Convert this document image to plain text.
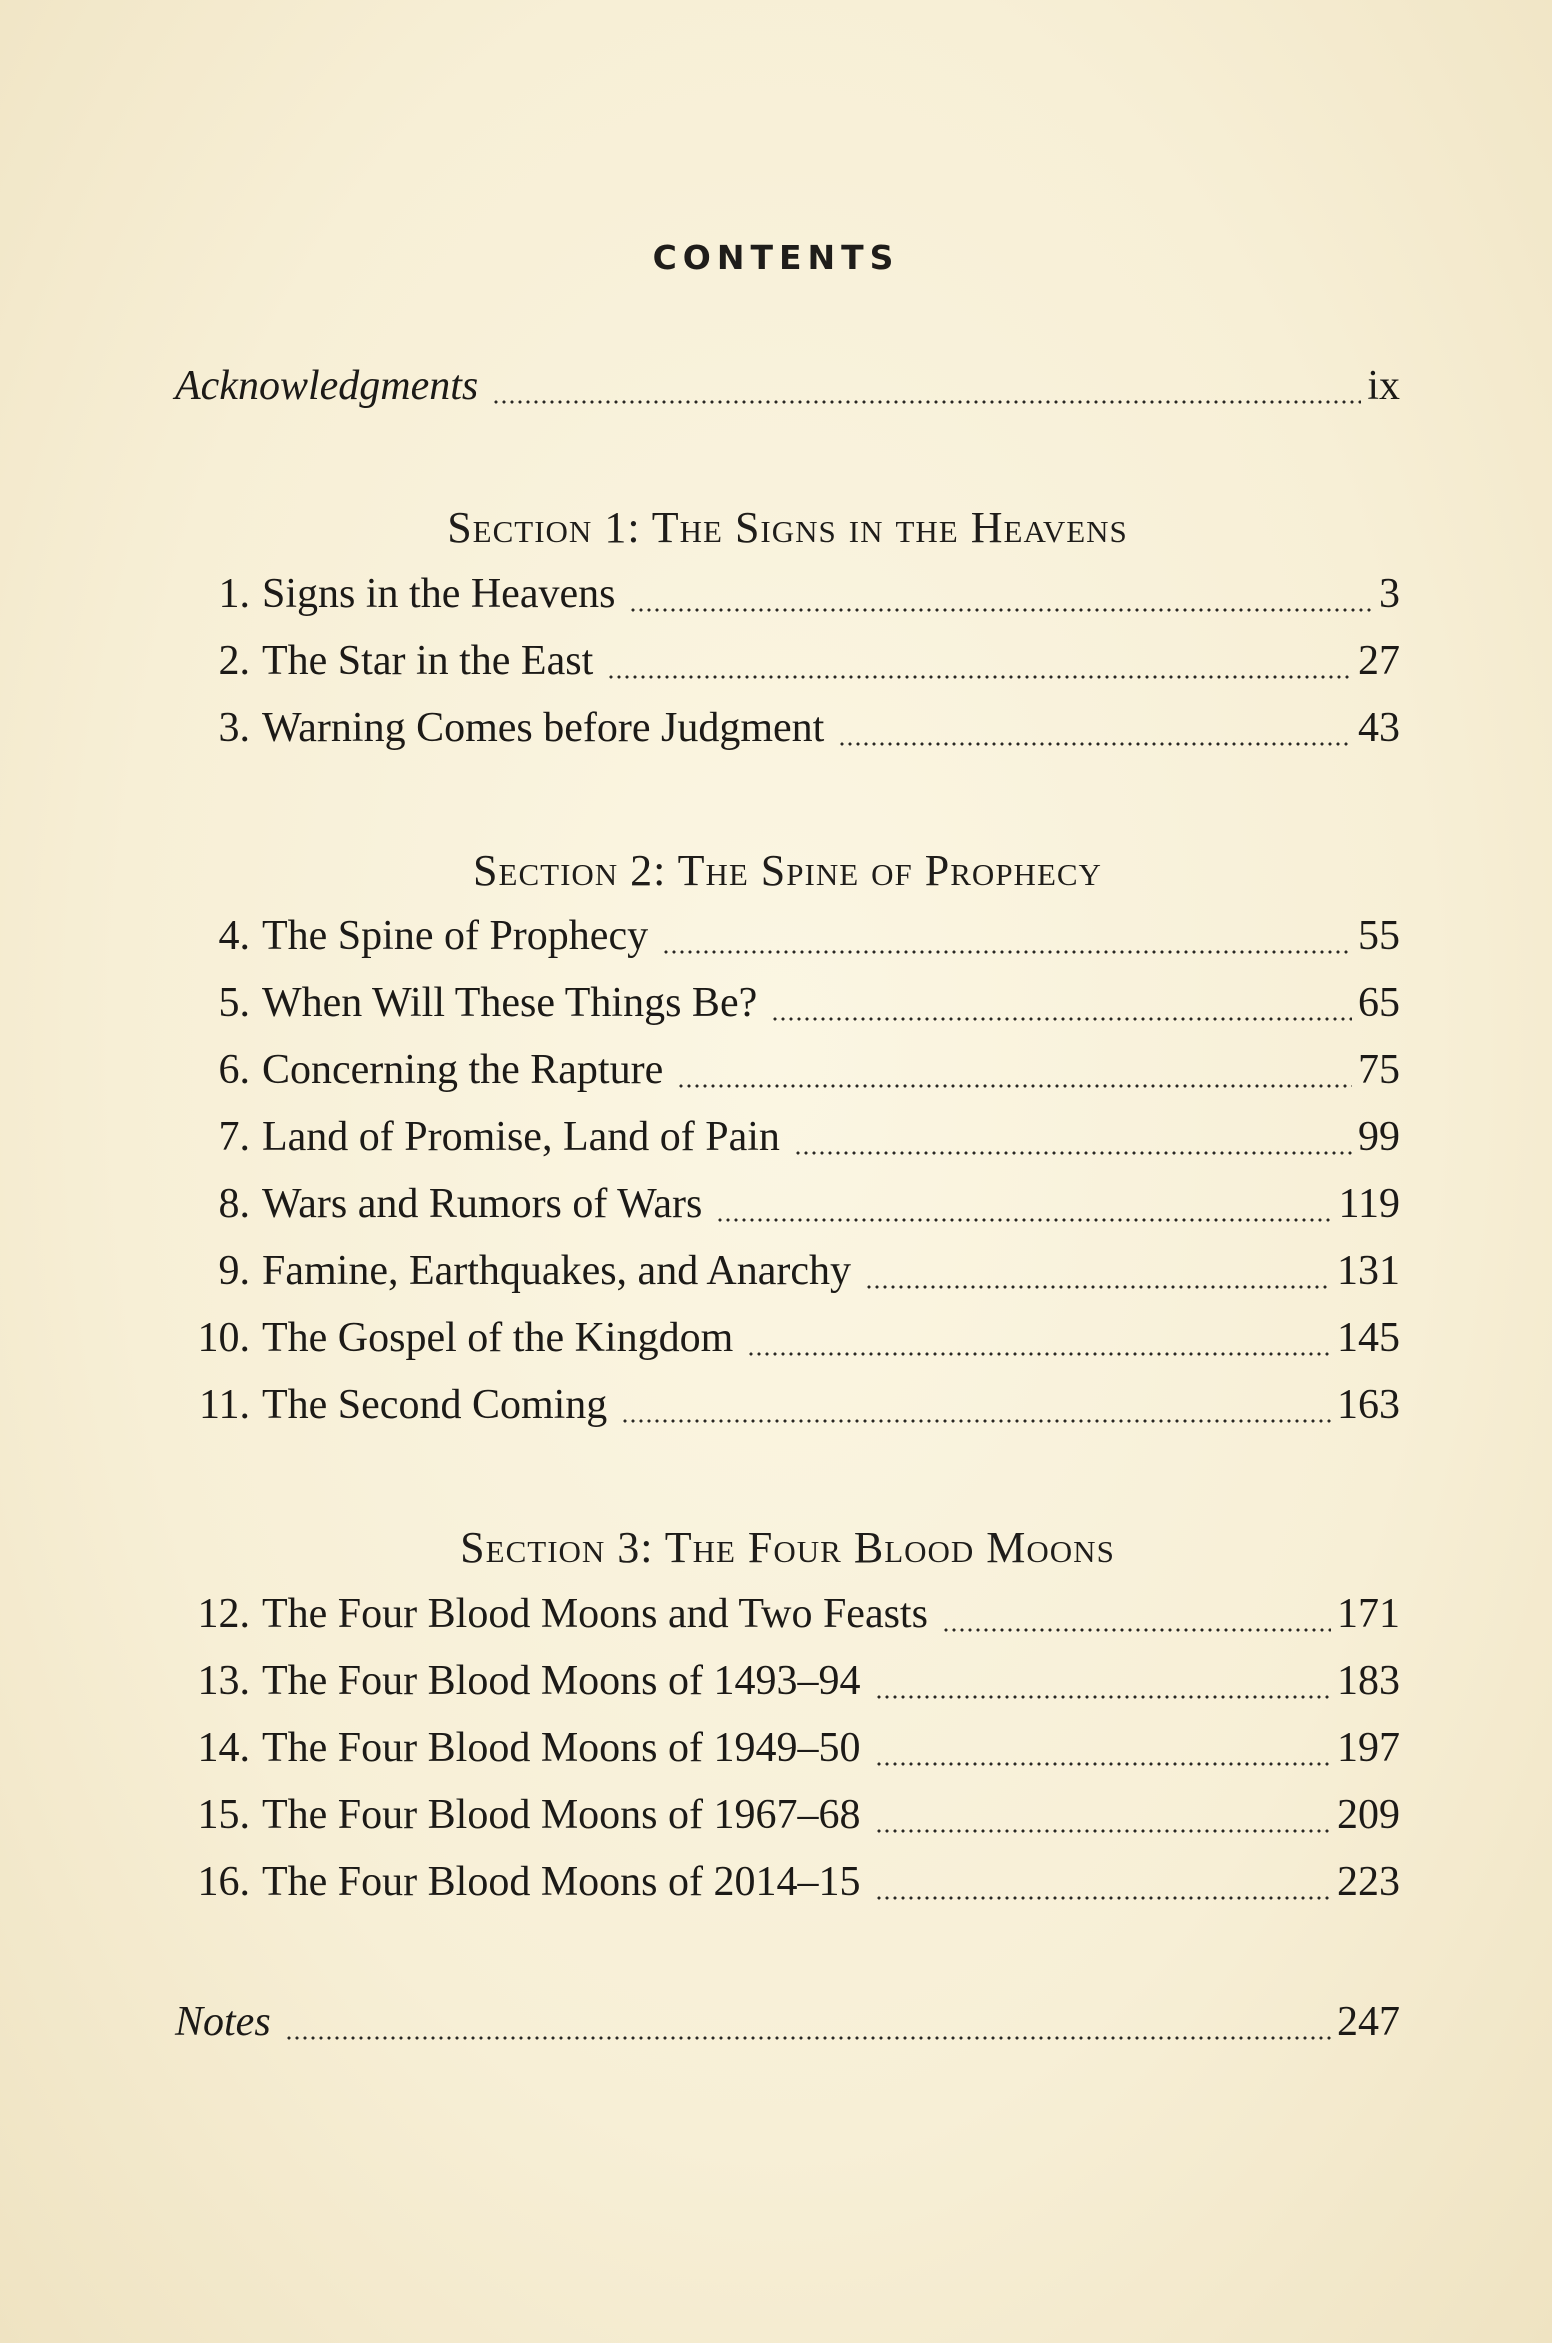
CONTENTS
Acknowledgments	ix
Section 1: The Signs in the Heavens
1. Signs in the Heavens	3
2. The Star in the East	27
3. Warning Comes before Judgment	43
Section 2: The Spine of Prophecy
4. The Spine of Prophecy	55
5. When Will These Things Be?	65
6. Concerning the Rapture	75
7. Land of Promise, Land of Pain	99
8. Wars and Rumors of Wars	119
9. Famine, Earthquakes, and Anarchy	131
10. The Gospel of the Kingdom	145
11. The Second Coming	163
Section 3: The Four Blood Moons
12. The Four Blood Moons and Two Feasts	171
13. The Four Blood Moons of 1493–94	183
14. The Four Blood Moons of 1949–50	197
15. The Four Blood Moons of 1967–68	209
16. The Four Blood Moons of 2014–15	223
Notes	247
